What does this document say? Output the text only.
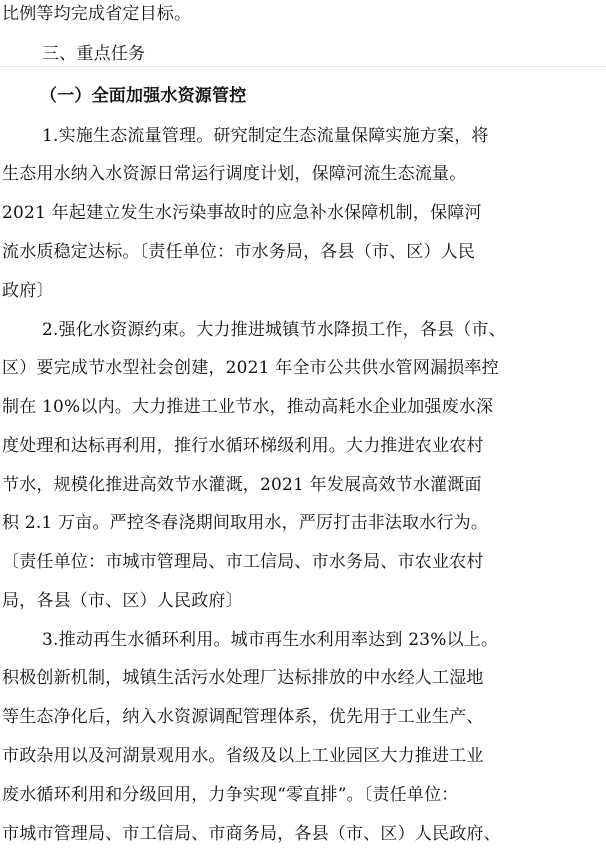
比例等均完成省定目标。
三、重点任务
（一）全面加强水资源管控
1.实施生态流量管理。研究制定生态流量保障实施方案，将
生态用水纳入水资源日常运行调度计划，保障河流生态流量。
2021 年起建立发生水污染事故时的应急补水保障机制，保障河
流水质稳定达标。〔责任单位：市水务局，各县（市、区）人民
政府〕
2.强化水资源约束。大力推进城镇节水降损工作，各县（市、
区）要完成节水型社会创建，2021 年全市公共供水管网漏损率控
制在 10%以内。大力推进工业节水，推动高耗水企业加强废水深
度处理和达标再利用，推行水循环梯级利用。大力推进农业农村
节水，规模化推进高效节水灌溉，2021 年发展高效节水灌溉面
积 2.1 万亩。严控冬春浇期间取用水，严厉打击非法取水行为。
〔责任单位：市城市管理局、市工信局、市水务局、市农业农村
局，各县（市、区）人民政府〕
3.推动再生水循环利用。城市再生水利用率达到 23%以上。
积极创新机制，城镇生活污水处理厂达标排放的中水经人工湿地
等生态净化后，纳入水资源调配管理体系，优先用于工业生产、
市政杂用以及河湖景观用水。省级及以上工业园区大力推进工业
废水循环利用和分级回用，力争实现“零直排”。〔责任单位：
市城市管理局、市工信局、市商务局，各县（市、区）人民政府、
